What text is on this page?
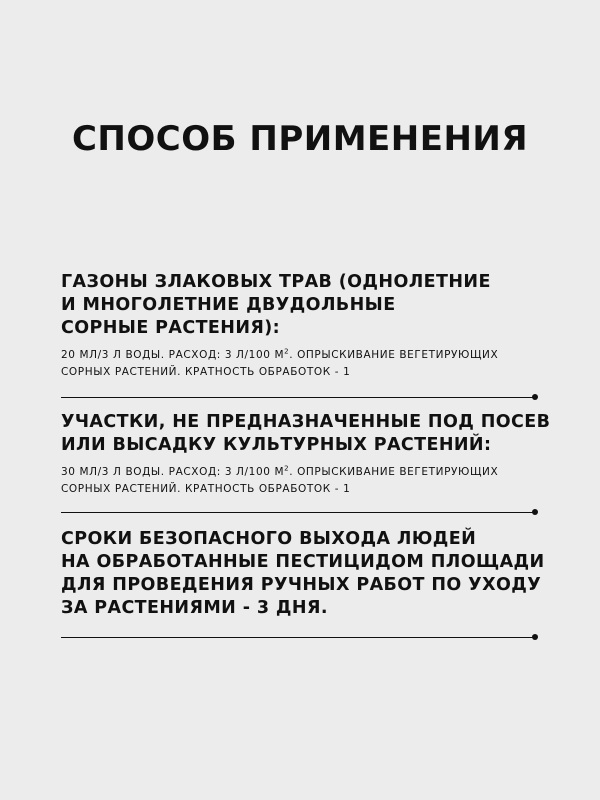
СПОСОБ ПРИМЕНЕНИЯ
ГАЗОНЫ ЗЛАКОВЫХ ТРАВ (ОДНОЛЕТНИЕ
И МНОГОЛЕТНИЕ ДВУДОЛЬНЫЕ
СОРНЫЕ РАСТЕНИЯ):
20 МЛ/3 Л ВОДЫ. РАСХОД: 3 Л/100 $М^2$. ОПРЫСКИВАНИЕ ВЕГЕТИРУЮЩИХ
СОРНЫХ РАСТЕНИЙ. КРАТНОСТЬ ОБРАБОТОК - 1
УЧАСТКИ, НЕ ПРЕДНАЗНАЧЕННЫЕ ПОД ПОСЕВ
ИЛИ ВЫСАДКУ КУЛЬТУРНЫХ РАСТЕНИЙ:
30 МЛ/3 Л ВОДЫ. РАСХОД: 3 Л/100 $М^2$. ОПРЫСКИВАНИЕ ВЕГЕТИРУЮЩИХ
СОРНЫХ РАСТЕНИЙ. КРАТНОСТЬ ОБРАБОТОК - 1
СРОКИ БЕЗОПАСНОГО ВЫХОДА ЛЮДЕЙ
НА ОБРАБОТАННЫЕ ПЕСТИЦИДОМ ПЛОЩАДИ
ДЛЯ ПРОВЕДЕНИЯ РУЧНЫХ РАБОТ ПО УХОДУ
ЗА РАСТЕНИЯМИ - 3 ДНЯ.
